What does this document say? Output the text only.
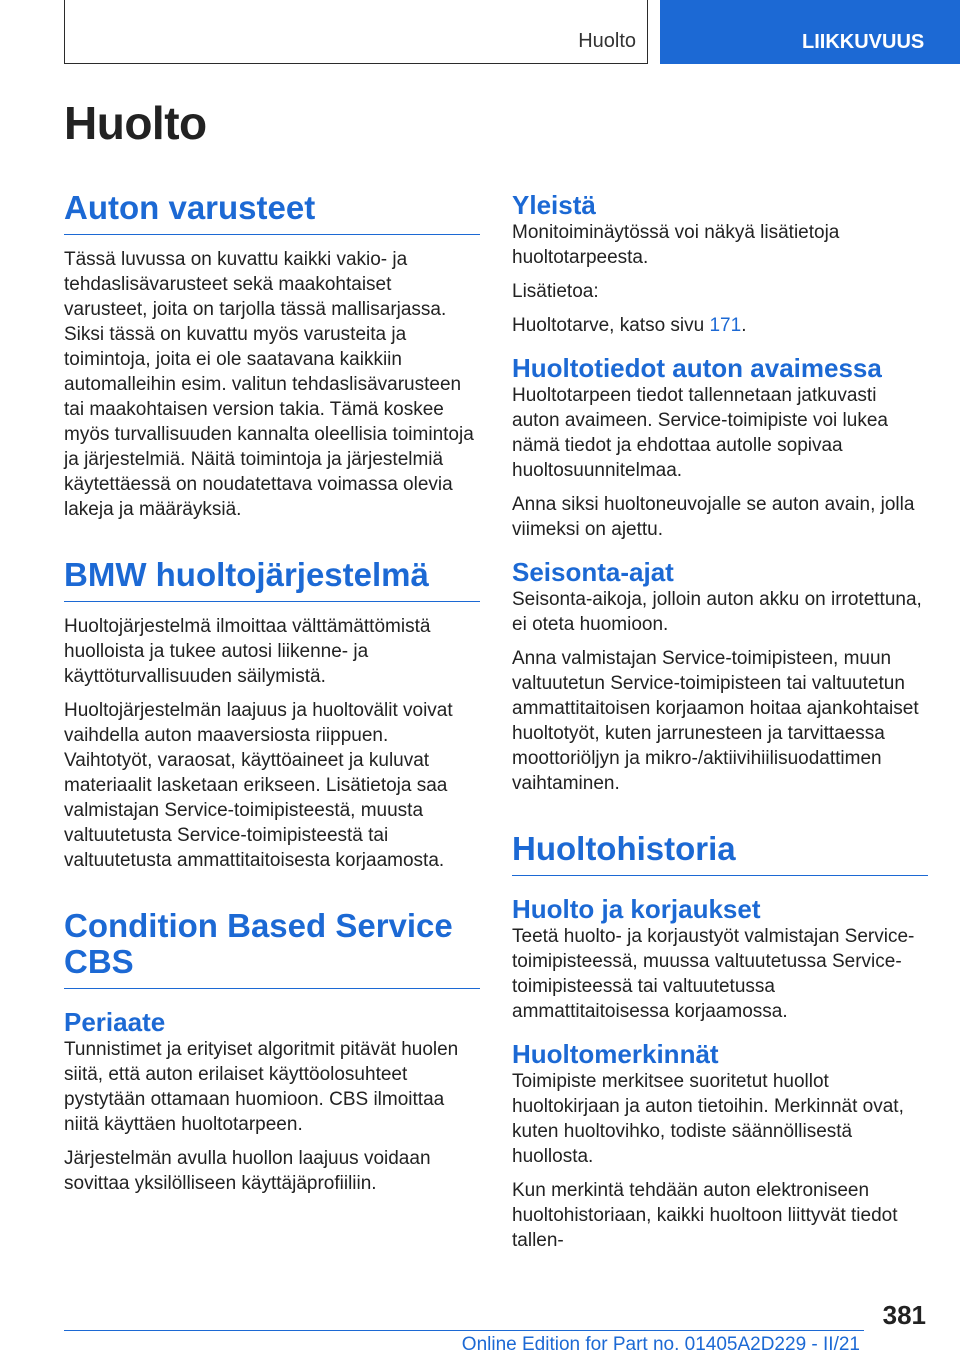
Huolto	LIIKKUVUUS
Huolto
Auton varusteet

Tässä luvussa on kuvattu kaikki vakio- ja tehdaslisävarusteet sekä maakohtaiset varusteet, joita on tarjolla tässä mallisarjassa. Siksi tässä on kuvattu myös varusteita ja toimintoja, joita ei ole saatavana kaikkiin automalleihin esim. valitun tehdaslisävarusteen tai maakohtaisen version takia. Tämä koskee myös turvallisuuden kannalta oleellisia toimintoja ja järjestelmiä. Näitä toimintoja ja järjestelmiä käytettäessä on noudatettava voimassa olevia lakeja ja määräyksiä.

BMW huoltojärjestelmä

Huoltojärjestelmä ilmoittaa välttämättömistä huolloista ja tukee autosi liikenne- ja käyttöturvallisuuden säilymistä.

Huoltojärjestelmän laajuus ja huoltovälit voivat vaihdella auton maaversiosta riippuen. Vaihtotyöt, varaosat, käyttöaineet ja kuluvat materiaalit lasketaan erikseen. Lisätietoja saa valmistajan Service-toimipisteestä, muusta valtuutetusta Service-toimipisteestä tai valtuutetusta ammattitaitoisesta korjaamosta.

Condition Based Service CBS
Periaate

Tunnistimet ja erityiset algoritmit pitävät huolen siitä, että auton erilaiset käyttöolosuhteet pystytään ottamaan huomioon. CBS ilmoittaa niitä käyttäen huoltotarpeen.

Järjestelmän avulla huollon laajuus voidaan sovittaa yksilölliseen käyttäjäprofiiliin.

Yleistä

Monitoiminäytössä voi näkyä lisätietoja huoltotarpeesta.

Lisätietoa:

Huoltotarve, katso sivu 171.

Huoltotiedot auton avaimessa

Huoltotarpeen tiedot tallennetaan jatkuvasti auton avaimeen. Service-toimipiste voi lukea nämä tiedot ja ehdottaa autolle sopivaa huoltosuunnitelmaa.

Anna siksi huoltoneuvojalle se auton avain, jolla viimeksi on ajettu.

Seisonta-ajat

Seisonta-aikoja, jolloin auton akku on irrotettuna, ei oteta huomioon.

Anna valmistajan Service-toimipisteen, muun valtuutetun Service-toimipisteen tai valtuutetun ammattitaitoisen korjaamon hoitaa ajankohtaiset huoltotyöt, kuten jarrunesteen ja tarvittaessa moottoriöljyn ja mikro-/aktiivihiilisuodattimen vaihtaminen.

Huoltohistoria
Huolto ja korjaukset

Teetä huolto- ja korjaustyöt valmistajan Service-toimipisteessä, muussa valtuutetussa Service-toimipisteessä tai valtuutetussa ammattitaitoisessa korjaamossa.

Huoltomerkinnät

Toimipiste merkitsee suoritetut huollot huoltokirjaan ja auton tietoihin. Merkinnät ovat, kuten huoltovihko, todiste säännöllisestä huollosta.

Kun merkintä tehdään auton elektroniseen huoltohistoriaan, kaikki huoltoon liittyvät tiedot tallen-

381
Online Edition for Part no. 01405A2D229 - II/21
